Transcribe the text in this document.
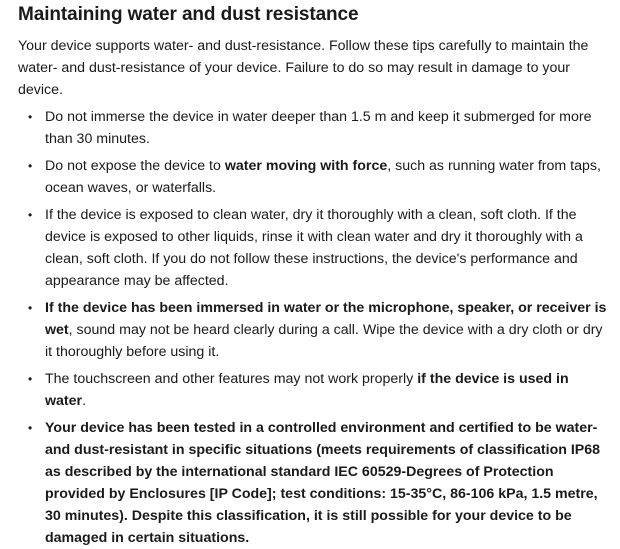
Maintaining water and dust resistance

Your device supports water- and dust-resistance. Follow these tips carefully to maintain the water- and dust-resistance of your device. Failure to do so may result in damage to your device.

• Do not immerse the device in water deeper than 1.5 m and keep it submerged for more than 30 minutes.
• Do not expose the device to water moving with force, such as running water from taps, ocean waves, or waterfalls.
• If the device is exposed to clean water, dry it thoroughly with a clean, soft cloth. If the device is exposed to other liquids, rinse it with clean water and dry it thoroughly with a clean, soft cloth. If you do not follow these instructions, the device's performance and appearance may be affected.
• If the device has been immersed in water or the microphone, speaker, or receiver is wet, sound may not be heard clearly during a call. Wipe the device with a dry cloth or dry it thoroughly before using it.
• The touchscreen and other features may not work properly if the device is used in water.
• Your device has been tested in a controlled environment and certified to be water- and dust-resistant in specific situations (meets requirements of classification IP68 as described by the international standard IEC 60529-Degrees of Protection provided by Enclosures [IP Code]; test conditions: 15-35°C, 86-106 kPa, 1.5 metre, 30 minutes). Despite this classification, it is still possible for your device to be damaged in certain situations.
